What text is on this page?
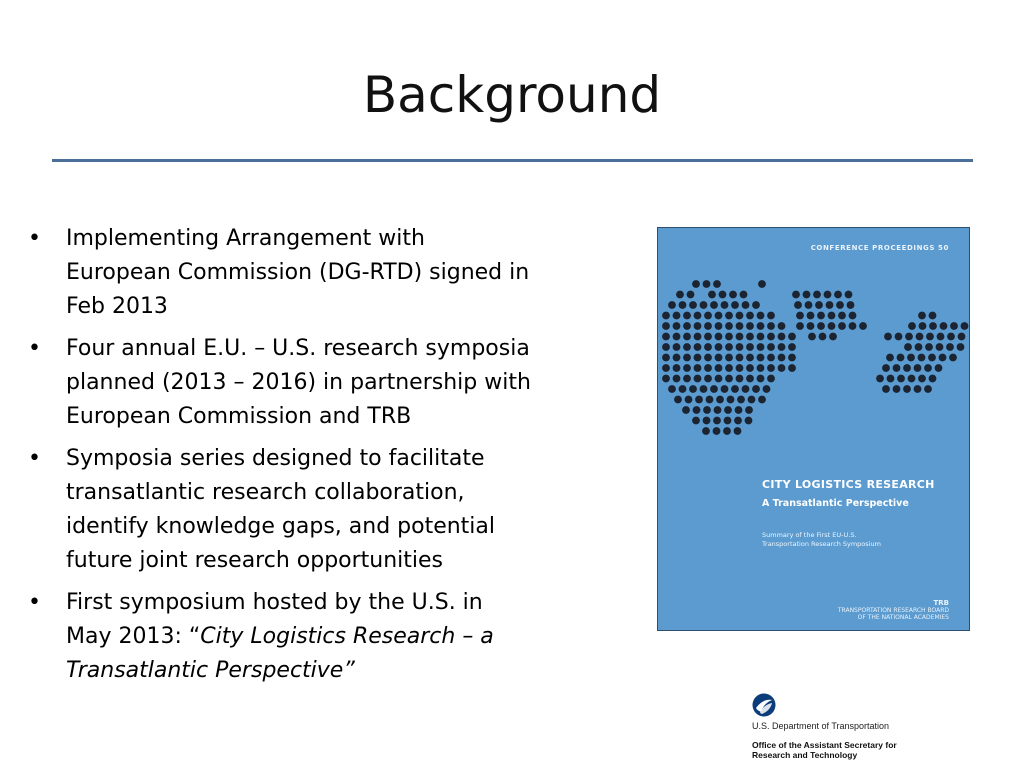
Background
• Implementing Arrangement with
European Commission (DG-RTD) signed in
Feb 2013
• Four annual E.U. – U.S. research symposia
planned (2013 – 2016) in partnership with
European Commission and TRB
• Symposia series designed to facilitate
transatlantic research collaboration,
identify knowledge gaps, and potential
future joint research opportunities
• First symposium hosted by the U.S. in
May 2013: “City Logistics Research – a
Transatlantic Perspective”
CONFERENCE PROCEEDINGS 50
CITY LOGISTICS RESEARCH
A Transatlantic Perspective
Summary of the First EU-U.S.
Transportation Research Symposium
TRB
TRANSPORTATION RESEARCH BOARD
OF THE NATIONAL ACADEMIES
U.S. Department of Transportation
Office of the Assistant Secretary for
Research and Technology
